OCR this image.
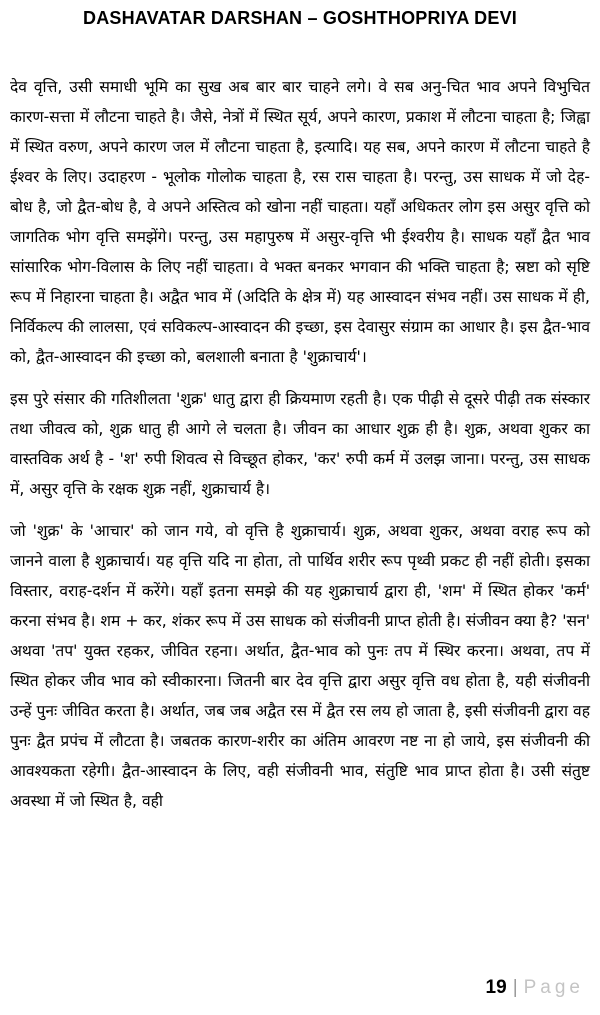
DASHAVATAR DARSHAN – GOSHTHOPRIYA DEVI

देव वृत्ति, उसी समाधी भूमि का सुख अब बार बार चाहने लगे। वे सब अनु-चित भाव अपने विभुचित कारण-सत्ता में लौटना चाहते है। जैसे, नेत्रों में स्थित सूर्य, अपने कारण, प्रकाश में लौटना चाहता है; जिह्वा में स्थित वरुण, अपने कारण जल में लौटना चाहता है, इत्यादि। यह सब, अपने कारण में लौटना चाहते है ईश्वर के लिए। उदाहरण - भूलोक गोलोक चाहता है, रस रास चाहता है। परन्तु, उस साधक में जो देह-बोध है, जो द्वैत-बोध है, वे अपने अस्तित्व को खोना नहीं चाहता। यहाँ अधिकतर लोग इस असुर वृत्ति को जागतिक भोग वृत्ति समझेंगे। परन्तु, उस महापुरुष में असुर-वृत्ति भी ईश्वरीय है। साधक यहाँ द्वैत भाव सांसारिक भोग-विलास के लिए नहीं चाहता। वे भक्त बनकर भगवान की भक्ति चाहता है; स्रष्टा को सृष्टि रूप में निहारना चाहता है। अद्वैत भाव में (अदिति के क्षेत्र में) यह आस्वादन संभव नहीं। उस साधक में ही, निर्विकल्प की लालसा, एवं सविकल्प-आस्वादन की इच्छा, इस देवासुर संग्राम का आधार है। इस द्वैत-भाव को, द्वैत-आस्वादन की इच्छा को, बलशाली बनाता है 'शुक्राचार्य'।

इस पुरे संसार की गतिशीलता 'शुक्र' धातु द्वारा ही क्रियमाण रहती है। एक पीढ़ी से दूसरे पीढ़ी तक संस्कार तथा जीवत्व को, शुक्र धातु ही आगे ले चलता है। जीवन का आधार शुक्र ही है। शुक्र, अथवा शुकर का वास्तविक अर्थ है - 'श' रुपी शिवत्व से विच्छूत होकर, 'कर' रुपी कर्म में उलझ जाना। परन्तु, उस साधक में, असुर वृत्ति के रक्षक शुक्र नहीं, शुक्राचार्य है।

जो 'शुक्र' के 'आचार' को जान गये, वो वृत्ति है शुक्राचार्य। शुक्र, अथवा शुकर, अथवा वराह रूप को जानने वाला है शुक्राचार्य। यह वृत्ति यदि ना होता, तो पार्थिव शरीर रूप पृथ्वी प्रकट ही नहीं होती। इसका विस्तार, वराह-दर्शन में करेंगे। यहाँ इतना समझे की यह शुक्राचार्य द्वारा ही, 'शम' में स्थित होकर 'कर्म' करना संभव है। शम + कर, शंकर रूप में उस साधक को संजीवनी प्राप्त होती है। संजीवन क्या है? 'सन' अथवा 'तप' युक्त रहकर, जीवित रहना। अर्थात, द्वैत-भाव को पुनः तप में स्थिर करना। अथवा, तप में स्थित होकर जीव भाव को स्वीकारना। जितनी बार देव वृत्ति द्वारा असुर वृत्ति वध होता है, यही संजीवनी उन्हें पुनः जीवित करता है। अर्थात, जब जब अद्वैत रस में द्वैत रस लय हो जाता है, इसी संजीवनी द्वारा वह पुनः द्वैत प्रपंच में लौटता है। जबतक कारण-शरीर का अंतिम आवरण नष्ट ना हो जाये, इस संजीवनी की आवश्यकता रहेगी। द्वैत-आस्वादन के लिए, वही संजीवनी भाव, संतुष्टि भाव प्राप्त होता है। उसी संतुष्ट अवस्था में जो स्थित है, वही

19 | Page
